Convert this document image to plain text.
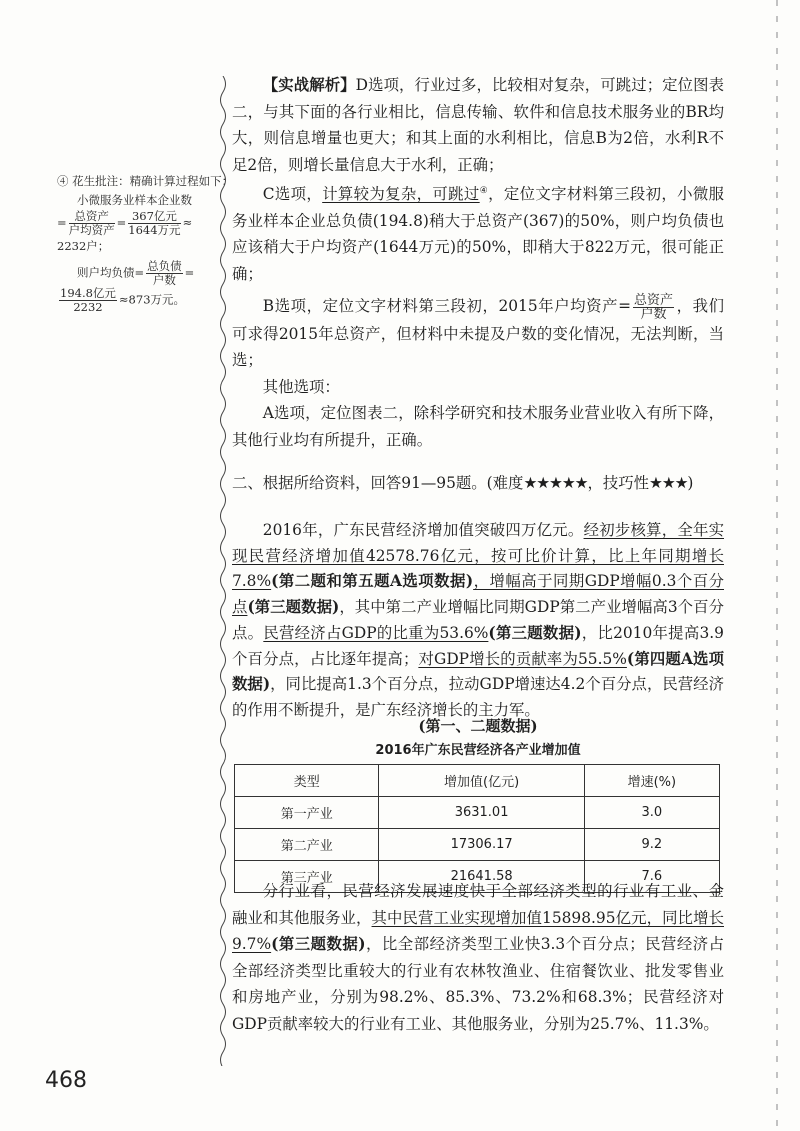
④ 花生批注：精确计算过程如下：
小微服务业样本企业数
= $\frac{\text{总资产}}{\text{户均资产}} = \frac{\text{367亿元}}{\text{1644万元}}$ ≈
2232户；
则户均负债= $\frac{\text{总负债}}{\text{户数}}$ =
$\frac{\text{194.8亿元}}{2232} \approx 873$万元。

【实战解析】D选项，行业过多，比较相对复杂，可跳过；定位图表二，与其下面的各行业相比，信息传输、软件和信息技术服务业的BR均大，则信息增量也更大；和其上面的水利相比，信息B为2倍，水利R不足2倍，则增长量信息大于水利，正确；

C选项，计算较为复杂，可跳过④，定位文字材料第三段初，小微服务业样本企业总负债(194.8)稍大于总资产(367)的50%，则户均负债也应该稍大于户均资产(1644万元)的50%，即稍大于822万元，很可能正确；

B选项，定位文字材料第三段初，2015年户均资产= $\frac{\text{总资产}}{\text{户数}}$ ，我们可求得2015年总资产，但材料中未提及户数的变化情况，无法判断，当选；

其他选项：

A选项，定位图表二，除科学研究和技术服务业营业收入有所下降，其他行业均有所提升，正确。

二、根据所给资料，回答91—95题。(难度★★★★★，技巧性★★★)

2016年，广东民营经济增加值突破四万亿元。经初步核算，全年实现民营经济增加值42578.76亿元，按可比价计算，比上年同期增长7.8%(第二题和第五题A选项数据)，增幅高于同期GDP增幅0.3个百分点(第三题数据)，其中第二产业增幅比同期GDP第二产业增幅高3个百分点。民营经济占GDP的比重为53.6%(第三题数据)，比2010年提高3.9个百分点，占比逐年提高；对GDP增长的贡献率为55.5%(第四题A选项数据)，同比提高1.3个百分点，拉动GDP增速达4.2个百分点，民营经济的作用不断提升，是广东经济增长的主力军。

(第一、二题数据)
2016年广东民营经济各产业增加值
类型	增加值(亿元)	增速(%)
第一产业	3631.01	3.0
第二产业	17306.17	9.2
第三产业	21641.58	7.6

分行业看，民营经济发展速度快于全部经济类型的行业有工业、金融业和其他服务业，其中民营工业实现增加值15898.95亿元，同比增长9.7%(第三题数据)，比全部经济类型工业快3.3个百分点；民营经济占全部经济类型比重较大的行业有农林牧渔业、住宿餐饮业、批发零售业和房地产业，分别为98.2%、85.3%、73.2%和68.3%；民营经济对GDP贡献率较大的行业有工业、其他服务业，分别为25.7%、11.3%。

468
